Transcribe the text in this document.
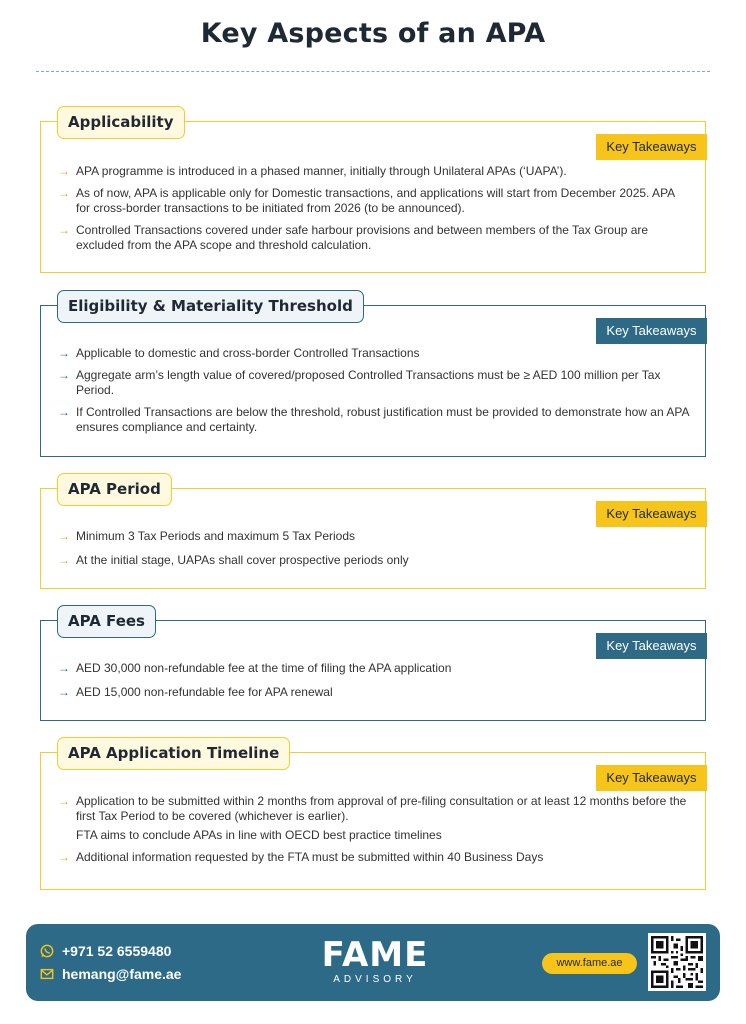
Key Aspects of an APA
Applicability
Key Takeaways
→ APA programme is introduced in a phased manner, initially through Unilateral APAs (‘UAPA’).
→ As of now, APA is applicable only for Domestic transactions, and applications will start from December 2025. APA for cross-border transactions to be initiated from 2026 (to be announced).
→ Controlled Transactions covered under safe harbour provisions and between members of the Tax Group are excluded from the APA scope and threshold calculation.
Eligibility & Materiality Threshold
Key Takeaways
→ Applicable to domestic and cross-border Controlled Transactions
→ Aggregate arm’s length value of covered/proposed Controlled Transactions must be ≥ AED 100 million per Tax Period.
→ If Controlled Transactions are below the threshold, robust justification must be provided to demonstrate how an APA ensures compliance and certainty.
APA Period
Key Takeaways
→ Minimum 3 Tax Periods and maximum 5 Tax Periods
→ At the initial stage, UAPAs shall cover prospective periods only
APA Fees
Key Takeaways
→ AED 30,000 non-refundable fee at the time of filing the APA application
→ AED 15,000 non-refundable fee for APA renewal
APA Application Timeline
Key Takeaways
→ Application to be submitted within 2 months from approval of pre-filing consultation or at least 12 months before the first Tax Period to be covered (whichever is earlier).
FTA aims to conclude APAs in line with OECD best practice timelines
→ Additional information requested by the FTA must be submitted within 40 Business Days
+971 52 6559480
hemang@fame.ae	FAME
ADVISORY
www.fame.ae
